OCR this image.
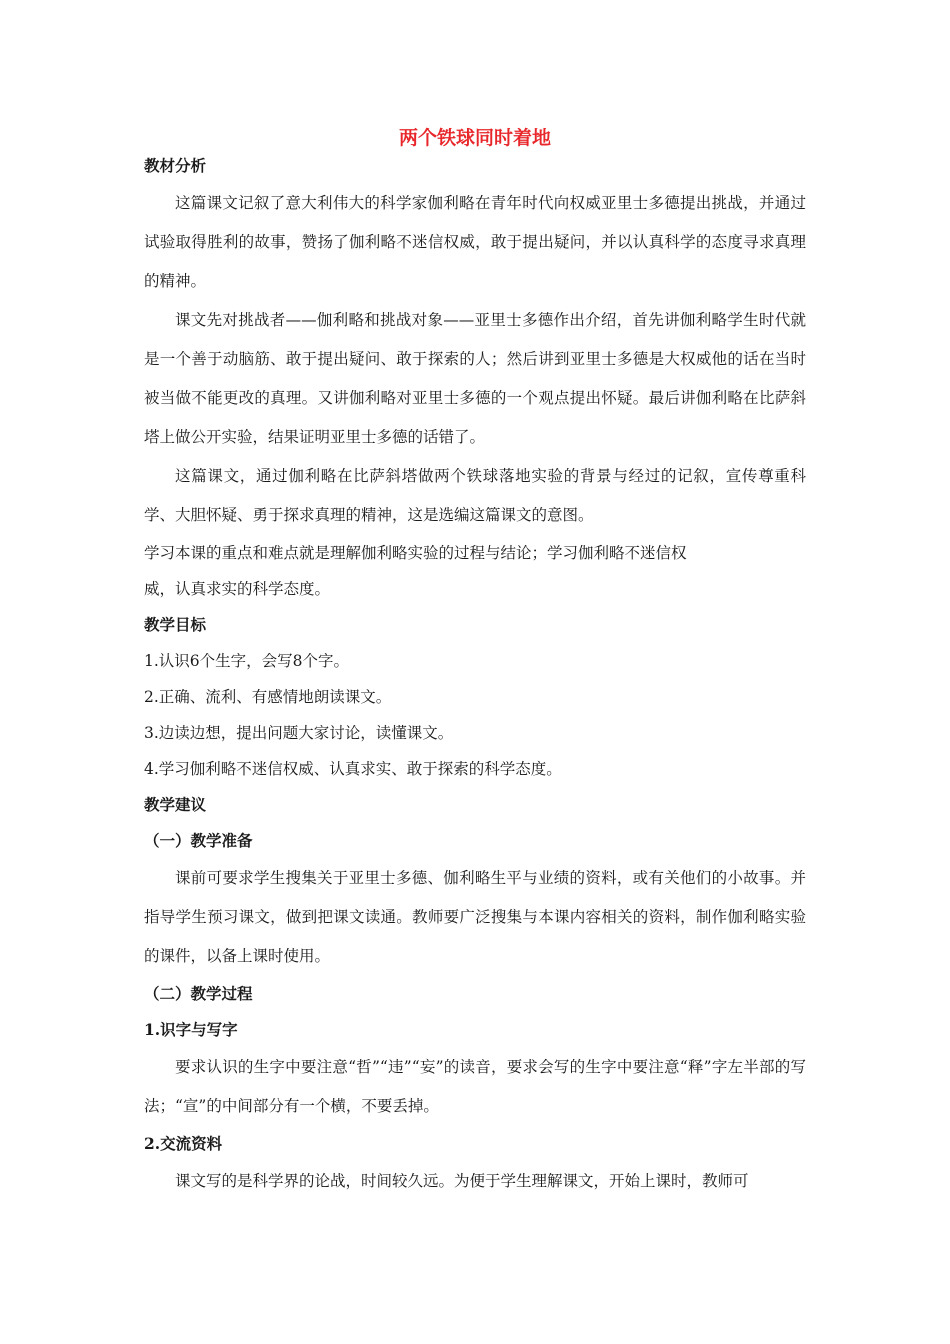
两个铁球同时着地
教材分析

这篇课文记叙了意大利伟大的科学家伽利略在青年时代向权威亚里士多德提出挑战，并通过试验取得胜利的故事，赞扬了伽利略不迷信权威，敢于提出疑问，并以认真科学的态度寻求真理的精神。

课文先对挑战者——伽利略和挑战对象——亚里士多德作出介绍，首先讲伽利略学生时代就是一个善于动脑筋、敢于提出疑问、敢于探索的人；然后讲到亚里士多德是大权威他的话在当时被当做不能更改的真理。又讲伽利略对亚里士多德的一个观点提出怀疑。最后讲伽利略在比萨斜塔上做公开实验，结果证明亚里士多德的话错了。

这篇课文，通过伽利略在比萨斜塔做两个铁球落地实验的背景与经过的记叙，宣传尊重科学、大胆怀疑、勇于探求真理的精神，这是选编这篇课文的意图。

学习本课的重点和难点就是理解伽利略实验的过程与结论；学习伽利略不迷信权

威，认真求实的科学态度。

教学目标
1.认识6个生字，会写8个字。
2.正确、流利、有感情地朗读课文。
3.边读边想，提出问题大家讨论，读懂课文。
4.学习伽利略不迷信权威、认真求实、敢于探索的科学态度。
教学建议
（一）教学准备

课前可要求学生搜集关于亚里士多德、伽利略生平与业绩的资料，或有关他们的小故事。并指导学生预习课文，做到把课文读通。教师要广泛搜集与本课内容相关的资料，制作伽利略实验的课件，以备上课时使用。

（二）教学过程
1.识字与写字

要求认识的生字中要注意“哲”“违”“妄”的读音，要求会写的生字中要注意“释”字左半部的写法；“宣”的中间部分有一个横，不要丢掉。

2.交流资料

课文写的是科学界的论战，时间较久远。为便于学生理解课文，开始上课时，教师可
